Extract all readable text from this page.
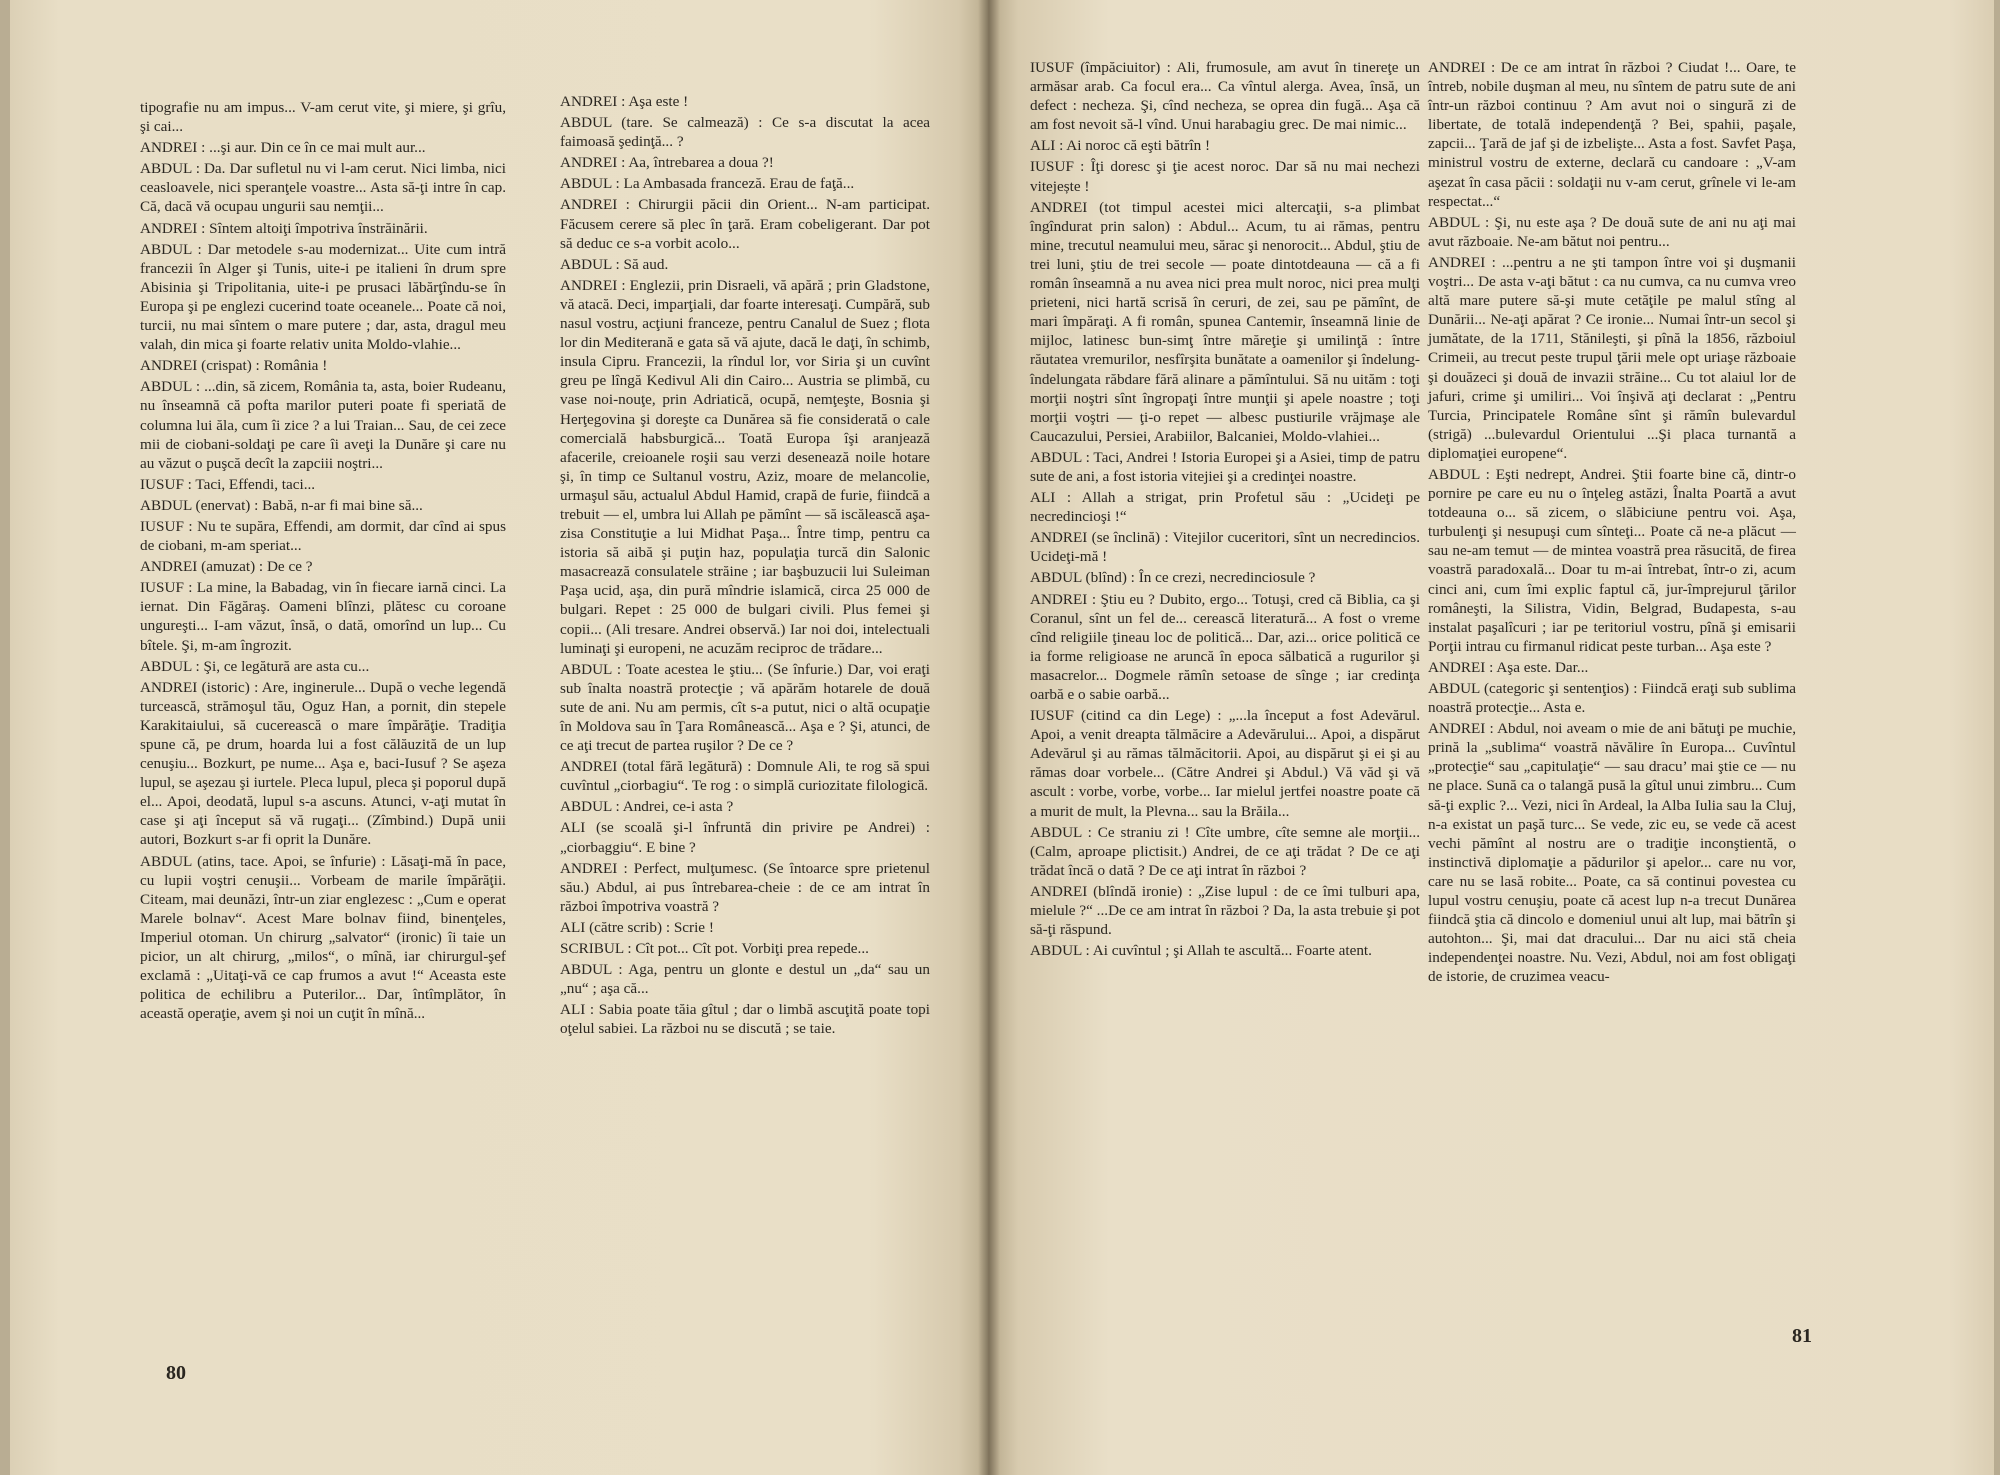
tipografie nu am impus... V-am cerut vite, şi miere, şi grîu, şi cai...

ANDREI : ...şi aur. Din ce în ce mai mult aur...

ABDUL : Da. Dar sufletul nu vi l-am cerut. Nici limba, nici ceasloavele, nici speranţele voastre... Asta să-ţi intre în cap. Că, dacă vă ocupau ungurii sau nemţii...

ANDREI : Sîntem altoiţi împotriva înstrăinării.

ABDUL : Dar metodele s-au modernizat... Uite cum intră francezii în Alger şi Tunis, uite-i pe italieni în drum spre Abisinia şi Tripolitania, uite-i pe prusaci lăbărţîndu-se în Europa şi pe englezi cucerind toate oceanele... Poate că noi, turcii, nu mai sîntem o mare putere ; dar, asta, dragul meu valah, din mica şi foarte relativ unita Moldo-vlahie...

ANDREI (crispat) : România !

ABDUL : ...din, să zicem, România ta, asta, boier Rudeanu, nu înseamnă că pofta marilor puteri poate fi speriată de columna lui ăla, cum îi zice ? a lui Traian... Sau, de cei zece mii de ciobani-soldaţi pe care îi aveţi la Dunăre şi care nu au văzut o puşcă decît la zapciii noştri...

IUSUF : Taci, Effendi, taci...

ABDUL (enervat) : Babă, n-ar fi mai bine să...

IUSUF : Nu te supăra, Effendi, am dormit, dar cînd ai spus de ciobani, m-am speriat...

ANDREI (amuzat) : De ce ?

IUSUF : La mine, la Babadag, vin în fiecare iarnă cinci. La iernat. Din Făgăraş. Oameni blînzi, plătesc cu coroane ungureşti... I-am văzut, însă, o dată, omorînd un lup... Cu bîtele. Şi, m-am îngrozit.

ABDUL : Şi, ce legătură are asta cu...

ANDREI (istoric) : Are, inginerule... După o veche legendă turcească, strămoşul tău, Oguz Han, a pornit, din stepele Karakitaiului, să cucerească o mare împărăţie. Tradiţia spune că, pe drum, hoarda lui a fost călăuzită de un lup cenuşiu... Bozkurt, pe nume... Aşa e, baci-Iusuf ? Se aşeza lupul, se aşezau şi iurtele. Pleca lupul, pleca şi poporul după el... Apoi, deodată, lupul s-a ascuns. Atunci, v-aţi mutat în case şi aţi început să vă rugaţi... (Zîmbind.) După unii autori, Bozkurt s-ar fi oprit la Dunăre.

ABDUL (atins, tace. Apoi, se înfurie) : Lăsaţi-mă în pace, cu lupii voştri cenuşii... Vorbeam de marile împărăţii. Citeam, mai deunăzi, într-un ziar englezesc : „Cum e operat Marele bolnav“. Acest Mare bolnav fiind, binenţeles, Imperiul otoman. Un chirurg „salvator“ (ironic) îi taie un picior, un alt chirurg, „milos“, o mînă, iar chirurgul-şef exclamă : „Uitaţi-vă ce cap frumos a avut !“ Aceasta este politica de echilibru a Puterilor... Dar, întîmplător, în această operaţie, avem şi noi un cuţit în mînă...

ANDREI : Aşa este !

ABDUL (tare. Se calmează) : Ce s-a discutat la acea faimoasă şedinţă... ?

ANDREI : Aa, întrebarea a doua ?!

ABDUL : La Ambasada franceză. Erau de faţă...

ANDREI : Chirurgii păcii din Orient... N-am participat. Făcusem cerere să plec în ţară. Eram cobeligerant. Dar pot să deduc ce s-a vorbit acolo...

ABDUL : Să aud.

ANDREI : Englezii, prin Disraeli, vă apără ; prin Gladstone, vă atacă. Deci, imparţiali, dar foarte interesaţi. Cumpără, sub nasul vostru, acţiuni franceze, pentru Canalul de Suez ; flota lor din Mediterană e gata să vă ajute, dacă le daţi, în schimb, insula Cipru. Francezii, la rîndul lor, vor Siria şi un cuvînt greu pe lîngă Kedivul Ali din Cairo... Austria se plimbă, cu vase noi-nouţe, prin Adriatică, ocupă, nemţeşte, Bosnia şi Herţegovina şi doreşte ca Dunărea să fie considerată o cale comercială habsburgică... Toată Europa îşi aranjează afacerile, creioanele roşii sau verzi desenează noile hotare şi, în timp ce Sultanul vostru, Aziz, moare de melancolie, urmaşul său, actualul Abdul Hamid, crapă de furie, fiindcă a trebuit — el, umbra lui Allah pe pămînt — să iscălească aşa-zisa Constituţie a lui Midhat Paşa... Între timp, pentru ca istoria să aibă şi puţin haz, populaţia turcă din Salonic masacrează consulatele străine ; iar başbuzucii lui Suleiman Paşa ucid, aşa, din pură mîndrie islamică, circa 25 000 de bulgari. Repet : 25 000 de bulgari civili. Plus femei şi copii... (Ali tresare. Andrei observă.) Iar noi doi, intelectuali luminaţi şi europeni, ne acuzăm reciproc de trădare...

ABDUL : Toate acestea le ştiu... (Se înfurie.) Dar, voi eraţi sub înalta noastră protecţie ; vă apărăm hotarele de două sute de ani. Nu am permis, cît s-a putut, nici o altă ocupaţie în Moldova sau în Ţara Românească... Aşa e ? Şi, atunci, de ce aţi trecut de partea ruşilor ? De ce ?

ANDREI (total fără legătură) : Domnule Ali, te rog să spui cuvîntul „ciorbagiu“. Te rog : o simplă curiozitate filologică.

ABDUL : Andrei, ce-i asta ?

ALI (se scoală şi-l înfruntă din privire pe Andrei) : „ciorbaggiu“. E bine ?

ANDREI : Perfect, mulţumesc. (Se întoarce spre prietenul său.) Abdul, ai pus întrebarea-cheie : de ce am intrat în război împotriva voastră ?

ALI (către scrib) : Scrie !

SCRIBUL : Cît pot... Cît pot. Vorbiţi prea repede...

ABDUL : Aga, pentru un glonte e destul un „da“ sau un „nu“ ; aşa că...

ALI : Sabia poate tăia gîtul ; dar o limbă ascuţită poate topi oţelul sabiei. La război nu se discută ; se taie.

80

IUSUF (împăciuitor) : Ali, frumosule, am avut în tinereţe un armăsar arab. Ca focul era... Ca vîntul alerga. Avea, însă, un defect : necheza. Şi, cînd necheza, se oprea din fugă... Aşa că am fost nevoit să-l vînd. Unui harabagiu grec. De mai nimic...

ALI : Ai noroc că eşti bătrîn !

IUSUF : Îţi doresc şi ţie acest noroc. Dar să nu mai nechezi vitejește !

ANDREI (tot timpul acestei mici altercaţii, s-a plimbat îngîndurat prin salon) : Abdul... Acum, tu ai rămas, pentru mine, trecutul neamului meu, sărac şi nenorocit... Abdul, ştiu de trei luni, ştiu de trei secole — poate dintotdeauna — că a fi român înseamnă a nu avea nici prea mult noroc, nici prea mulţi prieteni, nici hartă scrisă în ceruri, de zei, sau pe pămînt, de mari împăraţi. A fi român, spunea Cantemir, înseamnă linie de mijloc, latinesc bun-simţ între măreţie şi umilinţă : între răutatea vremurilor, nesfîrşita bunătate a oamenilor şi îndelung-îndelungata răbdare fără alinare a pămîntului. Să nu uităm : toţi morţii noştri sînt îngropaţi între munţii şi apele noastre ; toţi morţii voştri — ţi-o repet — albesc pustiurile vrăjmaşe ale Caucazului, Persiei, Arabiilor, Balcaniei, Moldo-vlahiei...

ABDUL : Taci, Andrei ! Istoria Europei şi a Asiei, timp de patru sute de ani, a fost istoria vitejiei şi a credinţei noastre.

ALI : Allah a strigat, prin Profetul său : „Ucideţi pe necredincioşi !“

ANDREI (se înclină) : Vitejilor cuceritori, sînt un necredincios. Ucideţi-mă !

ABDUL (blînd) : În ce crezi, necredinciosule ?

ANDREI : Ştiu eu ? Dubito, ergo... Totuşi, cred că Biblia, ca şi Coranul, sînt un fel de... cerească literatură... A fost o vreme cînd religiile ţineau loc de politică... Dar, azi... orice politică ce ia forme religioase ne aruncă în epoca sălbatică a rugurilor şi masacrelor... Dogmele rămîn setoase de sînge ; iar credinţa oarbă e o sabie oarbă...

IUSUF (citind ca din Lege) : „...la început a fost Adevărul. Apoi, a venit dreapta tălmăcire a Adevărului... Apoi, a dispărut Adevărul şi au rămas tălmăcitorii. Apoi, au dispărut şi ei şi au rămas doar vorbele... (Către Andrei şi Abdul.) Vă văd şi vă ascult : vorbe, vorbe, vorbe... Iar mielul jertfei noastre poate că a murit de mult, la Plevna... sau la Brăila...

ABDUL : Ce straniu zi ! Cîte umbre, cîte semne ale morţii... (Calm, aproape plictisit.) Andrei, de ce aţi trădat ? De ce aţi trădat încă o dată ? De ce aţi intrat în război ?

ANDREI (blîndă ironie) : „Zise lupul : de ce îmi tulburi apa, mielule ?“ ...De ce am intrat în război ? Da, la asta trebuie şi pot să-ţi răspund.

ABDUL : Ai cuvîntul ; şi Allah te ascultă... Foarte atent.

ANDREI : De ce am intrat în război ? Ciudat !... Oare, te întreb, nobile duşman al meu, nu sîntem de patru sute de ani într-un război continuu ? Am avut noi o singură zi de libertate, de totală independenţă ? Bei, spahii, paşale, zapcii... Ţară de jaf şi de izbelişte... Asta a fost. Savfet Paşa, ministrul vostru de externe, declară cu candoare : „V-am aşezat în casa păcii : soldaţii nu v-am cerut, grînele vi le-am respectat...“

ABDUL : Şi, nu este aşa ? De două sute de ani nu aţi mai avut războaie. Ne-am bătut noi pentru...

ANDREI : ...pentru a ne şti tampon între voi şi duşmanii voştri... De asta v-aţi bătut : ca nu cumva, ca nu cumva vreo altă mare putere să-şi mute cetăţile pe malul stîng al Dunării... Ne-aţi apărat ? Ce ironie... Numai într-un secol şi jumătate, de la 1711, Stănileşti, şi pînă la 1856, războiul Crimeii, au trecut peste trupul ţării mele opt uriaşe războaie şi douăzeci şi două de invazii străine... Cu tot alaiul lor de jafuri, crime şi umiliri... Voi înşivă aţi declarat : „Pentru Turcia, Principatele Române sînt şi rămîn bulevardul (strigă) ...bulevardul Orientului ...Şi placa turnantă a diplomaţiei europene“.

ABDUL : Eşti nedrept, Andrei. Ştii foarte bine că, dintr-o pornire pe care eu nu o înţeleg astăzi, Înalta Poartă a avut totdeauna o... să zicem, o slăbiciune pentru voi. Aşa, turbulenţi şi nesupuşi cum sînteţi... Poate că ne-a plăcut — sau ne-am temut — de mintea voastră prea răsucită, de firea voastră paradoxală... Doar tu m-ai întrebat, într-o zi, acum cinci ani, cum îmi explic faptul că, jur-împrejurul ţărilor româneşti, la Silistra, Vidin, Belgrad, Budapesta, s-au instalat paşalîcuri ; iar pe teritoriul vostru, pînă şi emisarii Porţii intrau cu firmanul ridicat peste turban... Aşa este ?

ANDREI : Aşa este. Dar...

ABDUL (categoric şi sentenţios) : Fiindcă eraţi sub sublima noastră protecţie... Asta e.

ANDREI : Abdul, noi aveam o mie de ani bătuţi pe muchie, prină la „sublima“ voastră năvălire în Europa... Cuvîntul „protecţie“ sau „capitulaţie“ — sau dracu’ mai ştie ce — nu ne place. Sună ca o talangă pusă la gîtul unui zimbru... Cum să-ţi explic ?... Vezi, nici în Ardeal, la Alba Iulia sau la Cluj, n-a existat un paşă turc... Se vede, zic eu, se vede că acest vechi pămînt al nostru are o tradiţie inconştientă, o instinctivă diplomaţie a pădurilor şi apelor... care nu vor, care nu se lasă robite... Poate, ca să continui povestea cu lupul vostru cenuşiu, poate că acest lup n-a trecut Dunărea fiindcă ştia că dincolo e domeniul unui alt lup, mai bătrîn şi autohton... Şi, mai dat dracului... Dar nu aici stă cheia independenţei noastre. Nu. Vezi, Abdul, noi am fost obligaţi de istorie, de cruzimea veacu-

81
